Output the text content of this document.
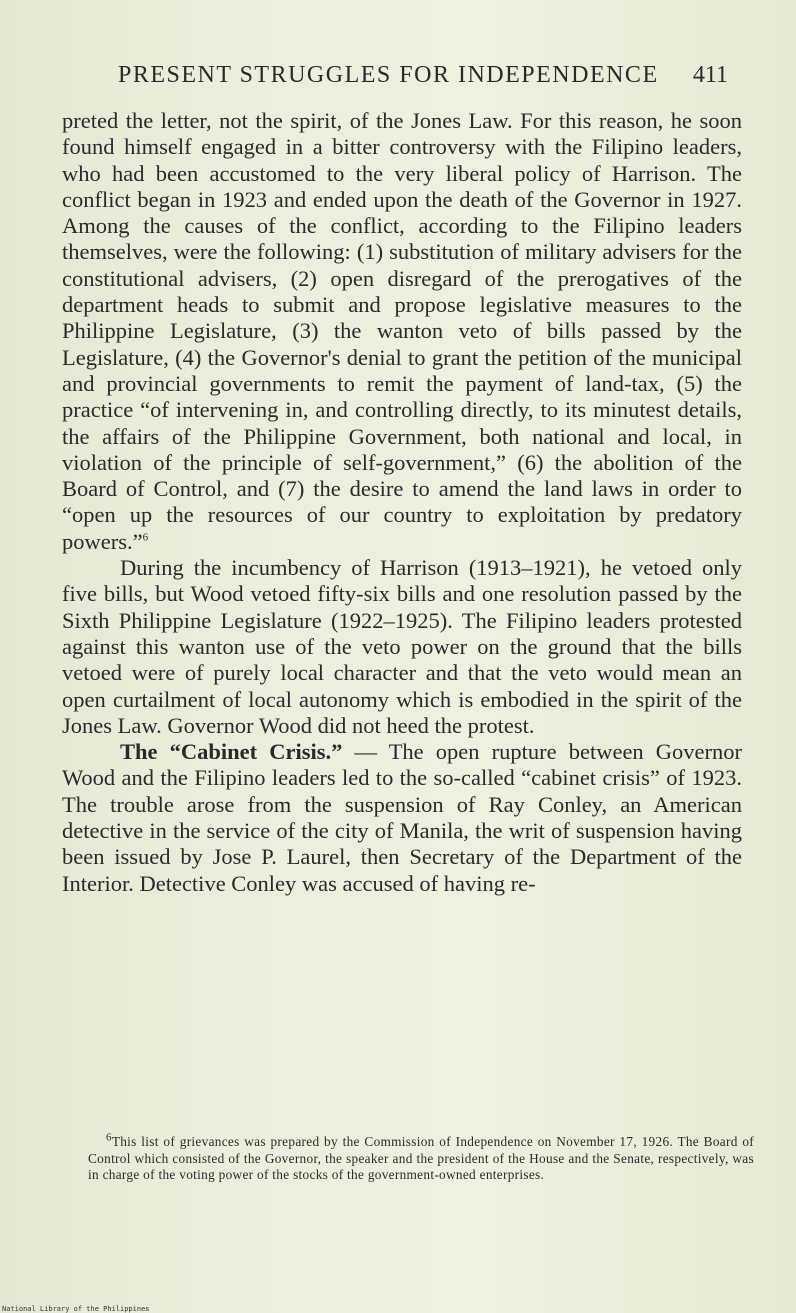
PRESENT STRUGGLES FOR INDEPENDENCE 411

preted the letter, not the spirit, of the Jones Law. For this reason, he soon found himself engaged in a bitter controversy with the Filipino leaders, who had been accustomed to the very liberal policy of Harrison. The conflict began in 1923 and ended upon the death of the Governor in 1927. Among the causes of the conflict, according to the Filipino leaders themselves, were the following: (1) substitution of military advisers for the constitutional advisers, (2) open disregard of the prerogatives of the department heads to submit and propose legislative measures to the Philippine Legislature, (3) the wanton veto of bills passed by the Legislature, (4) the Governor's denial to grant the petition of the municipal and provincial governments to remit the payment of land-tax, (5) the practice “of intervening in, and controlling directly, to its minutest details, the affairs of the Philippine Government, both national and local, in violation of the principle of self-government,” (6) the abolition of the Board of Control, and (7) the desire to amend the land laws in order to “open up the resources of our country to exploitation by predatory powers.”$^6$

During the incumbency of Harrison (1913–1921), he vetoed only five bills, but Wood vetoed fifty-six bills and one resolution passed by the Sixth Philippine Legislature (1922–1925). The Filipino leaders protested against this wanton use of the veto power on the ground that the bills vetoed were of purely local character and that the veto would mean an open curtailment of local autonomy which is embodied in the spirit of the Jones Law. Governor Wood did not heed the protest.

The “Cabinet Crisis.” — The open rupture between Governor Wood and the Filipino leaders led to the so-called “cabinet crisis” of 1923. The trouble arose from the suspension of Ray Conley, an American detective in the service of the city of Manila, the writ of suspension having been issued by Jose P. Laurel, then Secretary of the Department of the Interior. Detective Conley was accused of having re-

$^6$This list of grievances was prepared by the Commission of Independence on November 17, 1926. The Board of Control which consisted of the Governor, the speaker and the president of the House and the Senate, respectively, was in charge of the voting power of the stocks of the government-owned enterprises.

National Library of the Philippines
